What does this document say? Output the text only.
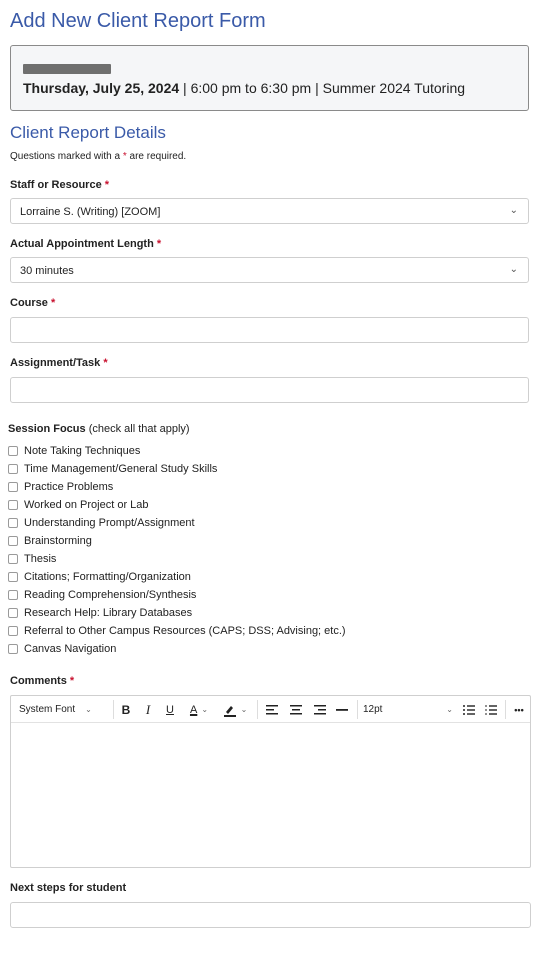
Add New Client Report Form
Thursday, July 25, 2024 | 6:00 pm to 6:30 pm | Summer 2024 Tutoring
Client Report Details
Questions marked with a * are required.
Staff or Resource *
Lorraine S. (Writing) [ZOOM]	⌄
Actual Appointment Length *
30 minutes	⌄
Course *
Assignment/Task *
Session Focus (check all that apply)
Note Taking Techniques
Time Management/General Study Skills
Practice Problems
Worked on Project or Lab
Understanding Prompt/Assignment
Brainstorming
Thesis
Citations; Formatting/Organization
Reading Comprehension/Synthesis
Research Help: Library Databases
Referral to Other Campus Resources (CAPS; DSS; Advising; etc.)
Canvas Navigation
Comments *
System Font ⌄	B	I	U	A ⌄	⌄	12pt	⌄	•••
Next steps for student
